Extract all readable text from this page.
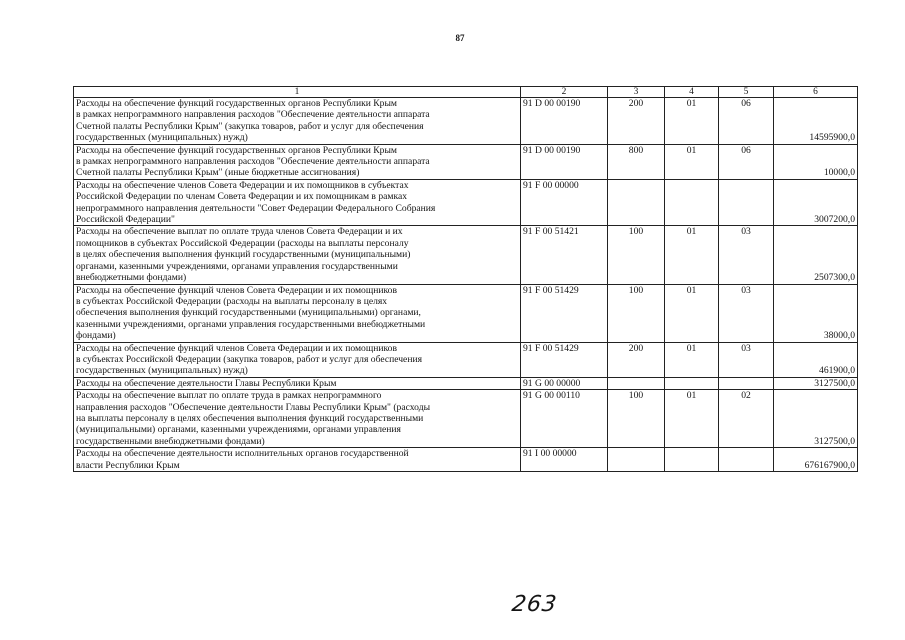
87
1	2	3	4	5	6

Расходы на обеспечение функций государственных органов Республики Крым
в рамках непрограммного направления расходов "Обеспечение деятельности аппарата
Счетной палаты Республики Крым" (закупка товаров, работ и услуг для обеспечения
государственных (муниципальных) нужд)	91 D 00 00190	200	01	06	14595900,0

Расходы на обеспечение функций государственных органов Республики Крым
в рамках непрограммного направления расходов "Обеспечение деятельности аппарата
Счетной палаты Республики Крым" (иные бюджетные ассигнования)	91 D 00 00190	800	01	06	10000,0

Расходы на обеспечение членов Совета Федерации и их помощников в субъектах
Российской Федерации по членам Совета Федерации и их помощникам в рамках
непрограммного направления деятельности "Совет Федерации Федерального Собрания
Российской Федерации"	91 F 00 00000				3007200,0

Расходы на обеспечение выплат по оплате труда членов Совета Федерации и их
помощников в субъектах Российской Федерации (расходы на выплаты персоналу
в целях обеспечения выполнения функций государственными (муниципальными)
органами, казенными учреждениями, органами управления государственными
внебюджетными фондами)	91 F 00 51421	100	01	03	2507300,0

Расходы на обеспечение функций членов Совета Федерации и их помощников
в субъектах Российской Федерации (расходы на выплаты персоналу в целях
обеспечения выполнения функций государственными (муниципальными) органами,
казенными учреждениями, органами управления государственными внебюджетными
фондами)	91 F 00 51429	100	01	03	38000,0

Расходы на обеспечение функций членов Совета Федерации и их помощников
в субъектах Российской Федерации (закупка товаров, работ и услуг для обеспечения
государственных (муниципальных) нужд)	91 F 00 51429	200	01	03	461900,0

Расходы на обеспечение деятельности Главы Республики Крым	91 G 00 00000				3127500,0

Расходы на обеспечение выплат по оплате труда в рамках непрограммного
направления расходов "Обеспечение деятельности Главы Республики Крым" (расходы
на выплаты персоналу в целях обеспечения выполнения функций государственными
(муниципальными) органами, казенными учреждениями, органами управления
государственными внебюджетными фондами)	91 G 00 00110	100	01	02	3127500,0

Расходы на обеспечение деятельности исполнительных органов государственной
власти Республики Крым	91 I 00 00000				676167900,0
263
